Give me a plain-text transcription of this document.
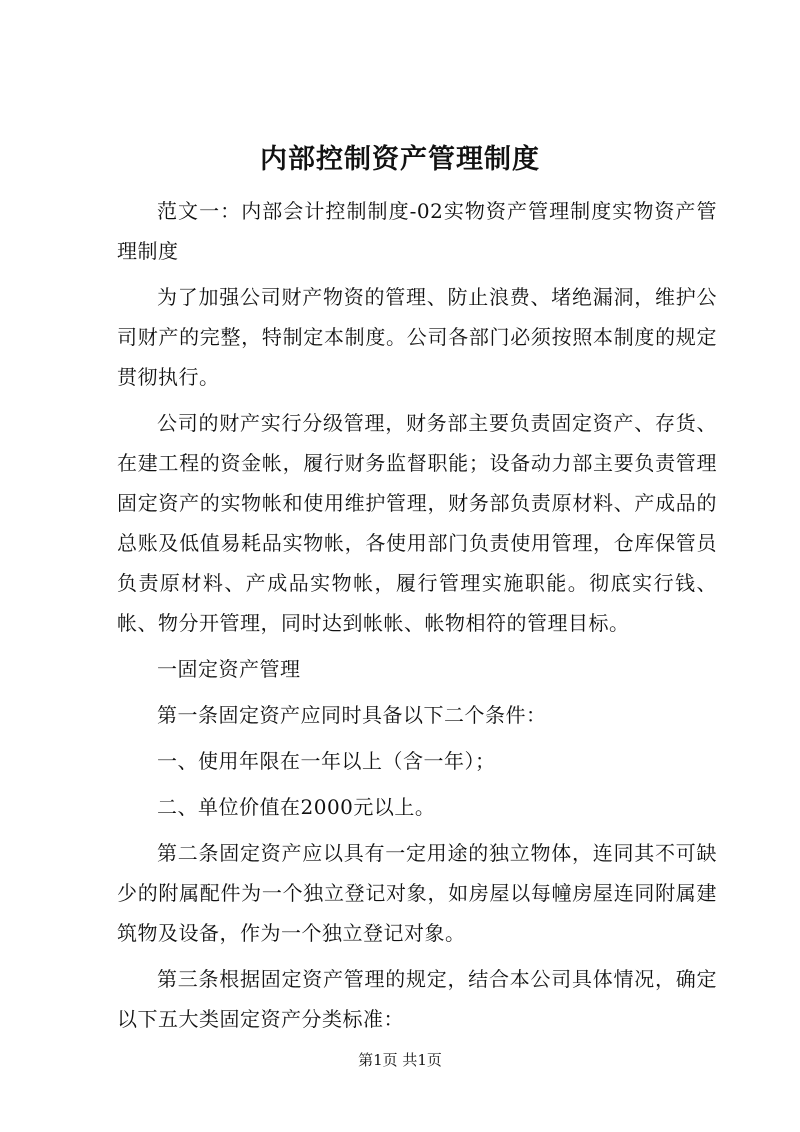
内部控制资产管理制度

范文一：内部会计控制制度-02实物资产管理制度实物资产管理制度

为了加强公司财产物资的管理、防止浪费、堵绝漏洞，维护公司财产的完整，特制定本制度。公司各部门必须按照本制度的规定贯彻执行。

公司的财产实行分级管理，财务部主要负责固定资产、存货、在建工程的资金帐，履行财务监督职能；设备动力部主要负责管理固定资产的实物帐和使用维护管理，财务部负责原材料、产成品的总账及低值易耗品实物帐，各使用部门负责使用管理，仓库保管员负责原材料、产成品实物帐，履行管理实施职能。彻底实行钱、帐、物分开管理，同时达到帐帐、帐物相符的管理目标。

一固定资产管理

第一条固定资产应同时具备以下二个条件：

一、使用年限在一年以上（含一年）；

二、单位价值在2000元以上。

第二条固定资产应以具有一定用途的独立物体，连同其不可缺少的附属配件为一个独立登记对象，如房屋以每幢房屋连同附属建筑物及设备，作为一个独立登记对象。

第三条根据固定资产管理的规定，结合本公司具体情况，确定以下五大类固定资产分类标准：

第1页 共1页
